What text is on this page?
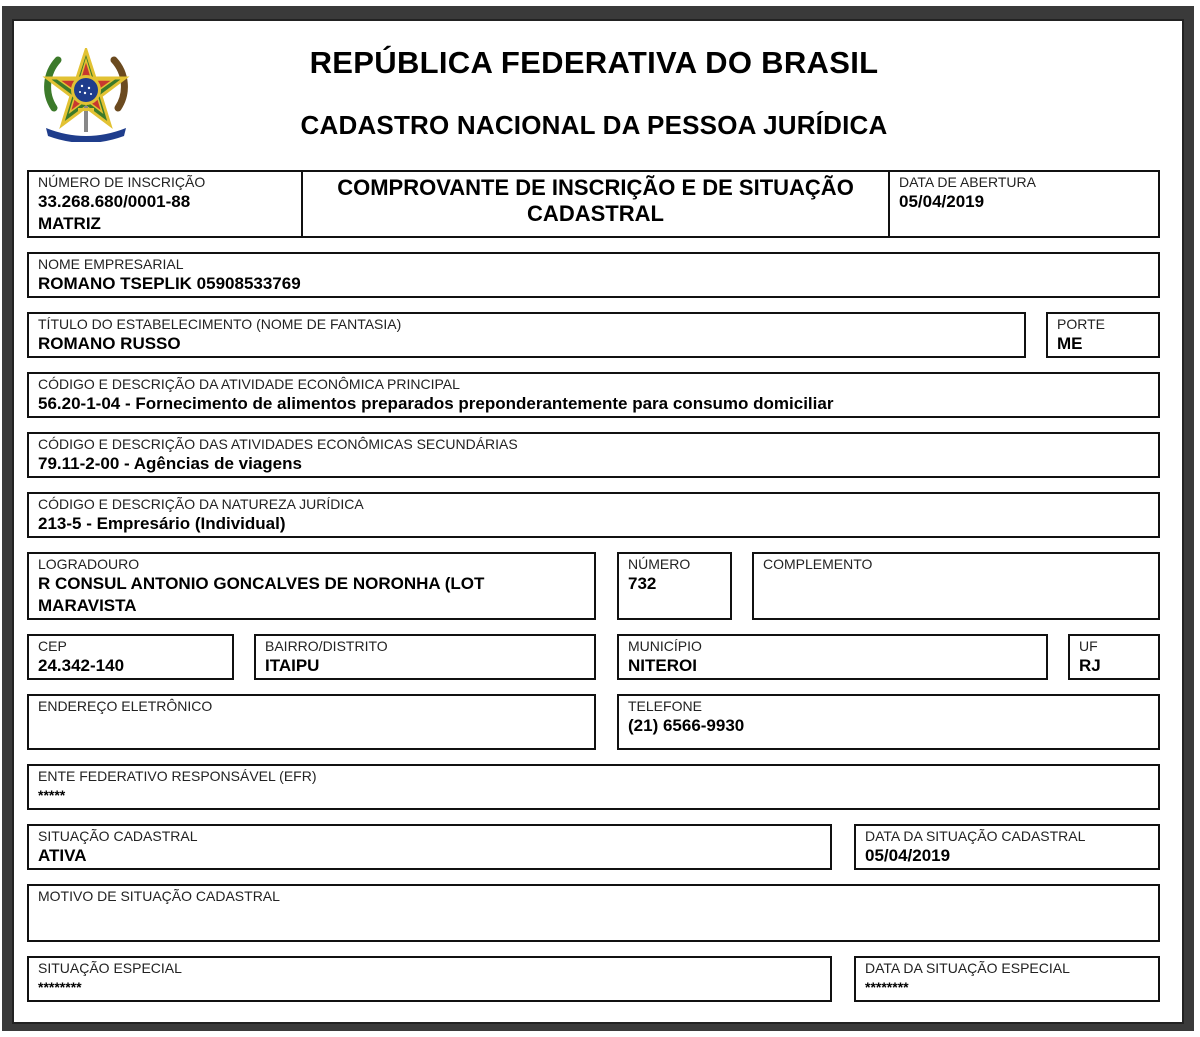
REPÚBLICA FEDERATIVA DO BRASIL
CADASTRO NACIONAL DA PESSOA JURÍDICA
NÚMERO DE INSCRIÇÃO
33.268.680/0001-88
MATRIZ
COMPROVANTE DE INSCRIÇÃO E DE SITUAÇÃO
CADASTRAL
DATA DE ABERTURA
05/04/2019
NOME EMPRESARIAL
ROMANO TSEPLIK 05908533769
TÍTULO DO ESTABELECIMENTO (NOME DE FANTASIA)
ROMANO RUSSO
PORTE
ME
CÓDIGO E DESCRIÇÃO DA ATIVIDADE ECONÔMICA PRINCIPAL
56.20-1-04 - Fornecimento de alimentos preparados preponderantemente para consumo domiciliar
CÓDIGO E DESCRIÇÃO DAS ATIVIDADES ECONÔMICAS SECUNDÁRIAS
79.11-2-00 - Agências de viagens
CÓDIGO E DESCRIÇÃO DA NATUREZA JURÍDICA
213-5 - Empresário (Individual)
LOGRADOURO
R CONSUL ANTONIO GONCALVES DE NORONHA (LOT
MARAVISTA
NÚMERO
732
COMPLEMENTO
CEP
24.342-140
BAIRRO/DISTRITO
ITAIPU
MUNICÍPIO
NITEROI
UF
RJ
ENDEREÇO ELETRÔNICO	TELEFONE
(21) 6566-9930
ENTE FEDERATIVO RESPONSÁVEL (EFR)
*****
SITUAÇÃO CADASTRAL
ATIVA
DATA DA SITUAÇÃO CADASTRAL
05/04/2019
MOTIVO DE SITUAÇÃO CADASTRAL
SITUAÇÃO ESPECIAL
********
DATA DA SITUAÇÃO ESPECIAL
********
